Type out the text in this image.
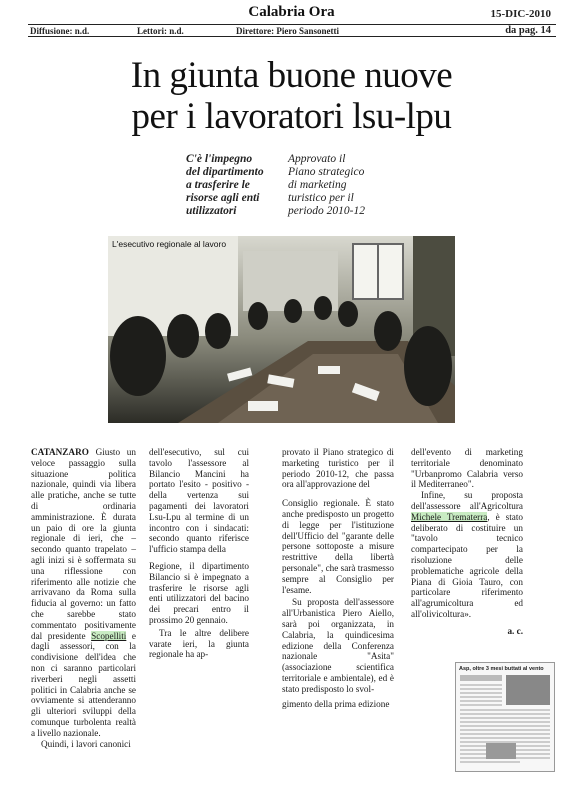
Calabria Ora	15-DIC-2010
Diffusione: n.d.	Lettori: n.d.	Direttore: Piero Sansonetti	da pag. 14
In giunta buone nuove
per i lavoratori lsu-lpu
C'è l'impegno
del dipartimento
a trasferire le
risorse agli enti
utilizzatori
Approvato il
Piano strategico
di marketing
turistico per il
periodo 2010-12
L'esecutivo regionale al lavoro

CATANZARO Giusto un veloce passaggio sulla situazione politica nazionale, quindi via libera alle pratiche, anche se tutte di ordinaria amministrazione. È durata un paio di ore la giunta regionale di ieri, che – secondo quanto trapelato – agli inizi si è soffermata su una riflessione con riferimento alle notizie che arrivavano da Roma sulla fiducia al governo: un fatto che sarebbe stato commentato positivamente dal presidente Scopelliti e dagli assessori, con la condivisione dell'idea che non ci saranno particolari riverberi negli assetti politici in Calabria anche se ovviamente si attenderanno gli ulteriori sviluppi della comunque turbolenta realtà a livello nazionale.

Quindi, i lavori canonici

dell'esecutivo, sul cui tavolo l'assessore al Bilancio Mancini ha portato l'esito - positivo - della vertenza sui pagamenti dei lavoratori Lsu-Lpu al termine di un incontro con i sindacati: secondo quanto riferisce l'ufficio stampa della

Regione, il dipartimento Bilancio si è impegnato a trasferire le risorse agli enti utilizzatori del bacino dei precari entro il prossimo 20 gennaio.

Tra le altre delibere varate ieri, la giunta regionale ha ap-

provato il Piano strategico di marketing turistico per il periodo 2010-12, che passa ora all'approvazione del

Consiglio regionale. È stato anche predisposto un progetto di legge per l'istituzione dell'Ufficio del "garante delle persone sottoposte a misure restrittive della libertà personale", che sarà trasmesso sempre al Consiglio per l'esame.

Su proposta dell'assessore all'Urbanistica Piero Aiello, sarà poi organizzata, in Calabria, la quindicesima edizione della Conferenza nazionale "Asita" (associazione scientifica territoriale e ambientale), ed è stato predisposto lo svol-

gimento della prima edizione

dell'evento di marketing territoriale denominato "Urbanpromo Calabria verso il Mediterraneo".

Infine, su proposta dell'assessore all'Agricoltura Michele Trematerra, è stato deliberato di costituire un "tavolo tecnico compartecipato per la risoluzione delle problematiche agricole della Piana di Gioia Tauro, con particolare riferimento all'agrumicoltura ed all'olivicoltura».

a. c.

Asp, oltre 3 mesi buttati al vento
